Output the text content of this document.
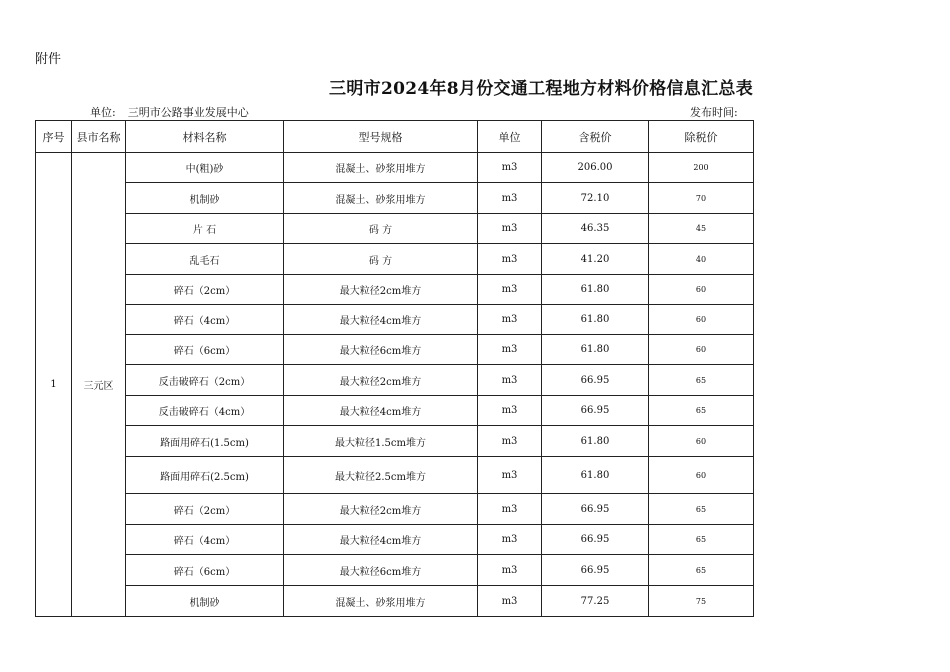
附件
三明市2024年8月份交通工程地方材料价格信息汇总表
单位: 三明市公路事业发展中心	发布时间:
序号	县市名称	材料名称	型号规格	单位	含税价	除税价
1	三元区	中(粗)砂	混凝土、砂浆用堆方	m3	206.00	200
		机制砂	混凝土、砂浆用堆方	m3	72.10	70
		片 石	码 方	m3	46.35	45
		乱毛石	码 方	m3	41.20	40
		碎石（2cm）	最大粒径2cm堆方	m3	61.80	60
		碎石（4cm）	最大粒径4cm堆方	m3	61.80	60
		碎石（6cm）	最大粒径6cm堆方	m3	61.80	60
		反击破碎石（2cm）	最大粒径2cm堆方	m3	66.95	65
		反击破碎石（4cm）	最大粒径4cm堆方	m3	66.95	65
		路面用碎石(1.5cm)	最大粒径1.5cm堆方	m3	61.80	60
		路面用碎石(2.5cm)	最大粒径2.5cm堆方	m3	61.80	60
		碎石（2cm）	最大粒径2cm堆方	m3	66.95	65
		碎石（4cm）	最大粒径4cm堆方	m3	66.95	65
		碎石（6cm）	最大粒径6cm堆方	m3	66.95	65
		机制砂	混凝土、砂浆用堆方	m3	77.25	75
